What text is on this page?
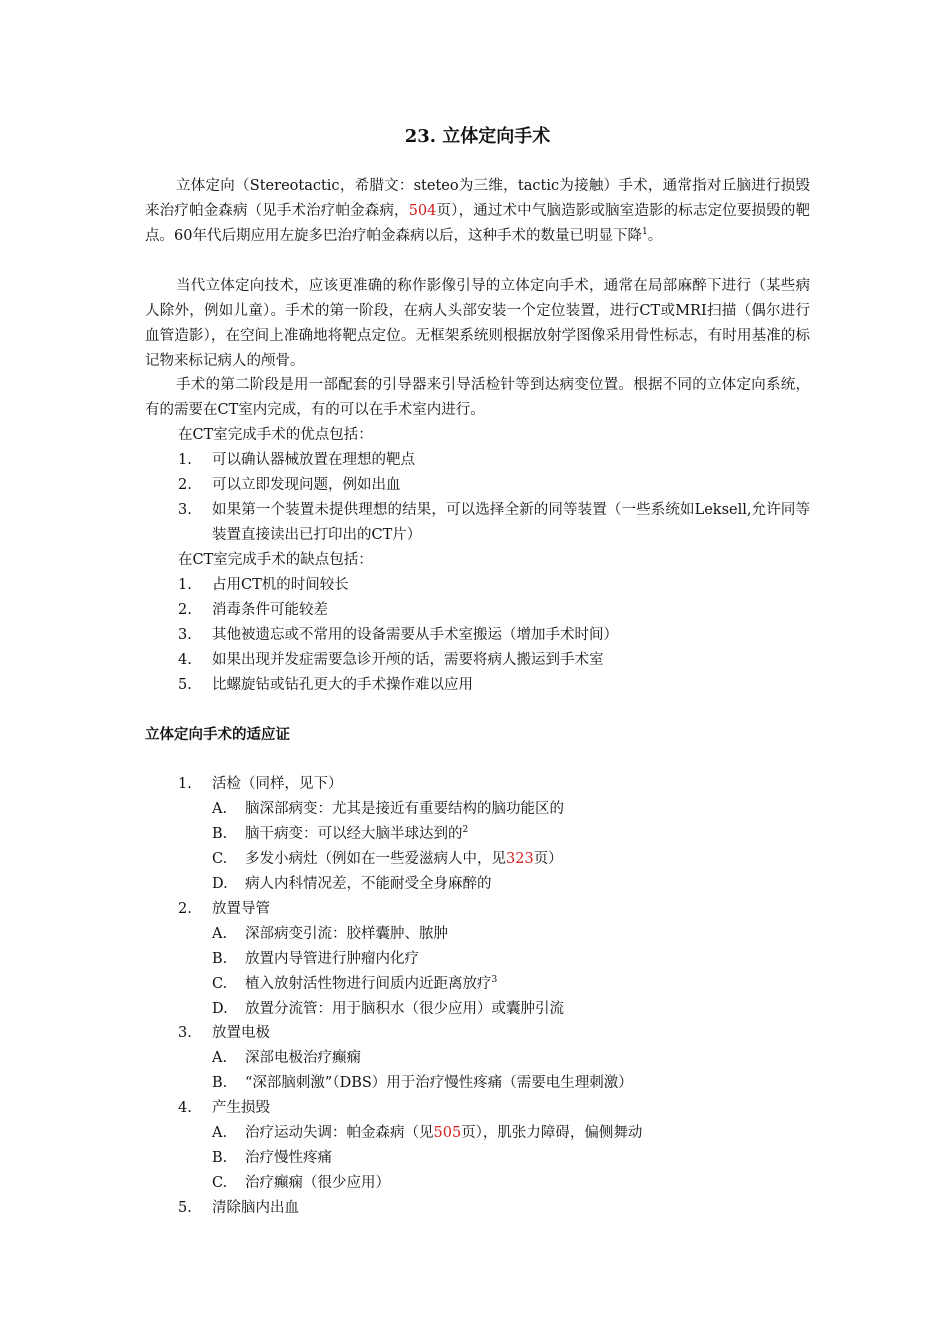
23. 立体定向手术
立体定向（Stereotactic，希腊文：steteo为三维，tactic为接触）手术，通常指对丘脑进行损毁来治疗帕金森病（见手术治疗帕金森病，504页），通过术中气脑造影或脑室造影的标志定位要损毁的靶点。60年代后期应用左旋多巴治疗帕金森病以后，这种手术的数量已明显下降$^1$。
当代立体定向技术，应该更准确的称作影像引导的立体定向手术，通常在局部麻醉下进行（某些病人除外，例如儿童）。手术的第一阶段，在病人头部安装一个定位装置，进行CT或MRI扫描（偶尔进行血管造影），在空间上准确地将靶点定位。无框架系统则根据放射学图像采用骨性标志，有时用基准的标记物来标记病人的颅骨。
手术的第二阶段是用一部配套的引导器来引导活检针等到达病变位置。根据不同的立体定向系统，有的需要在CT室内完成，有的可以在手术室内进行。
在CT室完成手术的优点包括：
1. 可以确认器械放置在理想的靶点
2. 可以立即发现问题，例如出血
3. 如果第一个装置未提供理想的结果，可以选择全新的同等装置（一些系统如Leksell,允许同等装置直接读出已打印出的CT片）
在CT室完成手术的缺点包括：
1. 占用CT机的时间较长
2. 消毒条件可能较差
3. 其他被遗忘或不常用的设备需要从手术室搬运（增加手术时间）
4. 如果出现并发症需要急诊开颅的话，需要将病人搬运到手术室
5. 比螺旋钻或钻孔更大的手术操作难以应用
立体定向手术的适应证
1. 活检（同样，见下）
A. 脑深部病变：尤其是接近有重要结构的脑功能区的
B. 脑干病变：可以经大脑半球达到的$^2$
C. 多发小病灶（例如在一些爱滋病人中，见323页）
D. 病人内科情况差，不能耐受全身麻醉的
2. 放置导管
A. 深部病变引流：胶样囊肿、脓肿
B. 放置内导管进行肿瘤内化疗
C. 植入放射活性物进行间质内近距离放疗$^3$
D. 放置分流管：用于脑积水（很少应用）或囊肿引流
3. 放置电极
A. 深部电极治疗癫痫
B. “深部脑刺激”（DBS）用于治疗慢性疼痛（需要电生理刺激）
4. 产生损毁
A. 治疗运动失调：帕金森病（见505页），肌张力障碍，偏侧舞动
B. 治疗慢性疼痛
C. 治疗癫痫（很少应用）
5. 清除脑内出血
